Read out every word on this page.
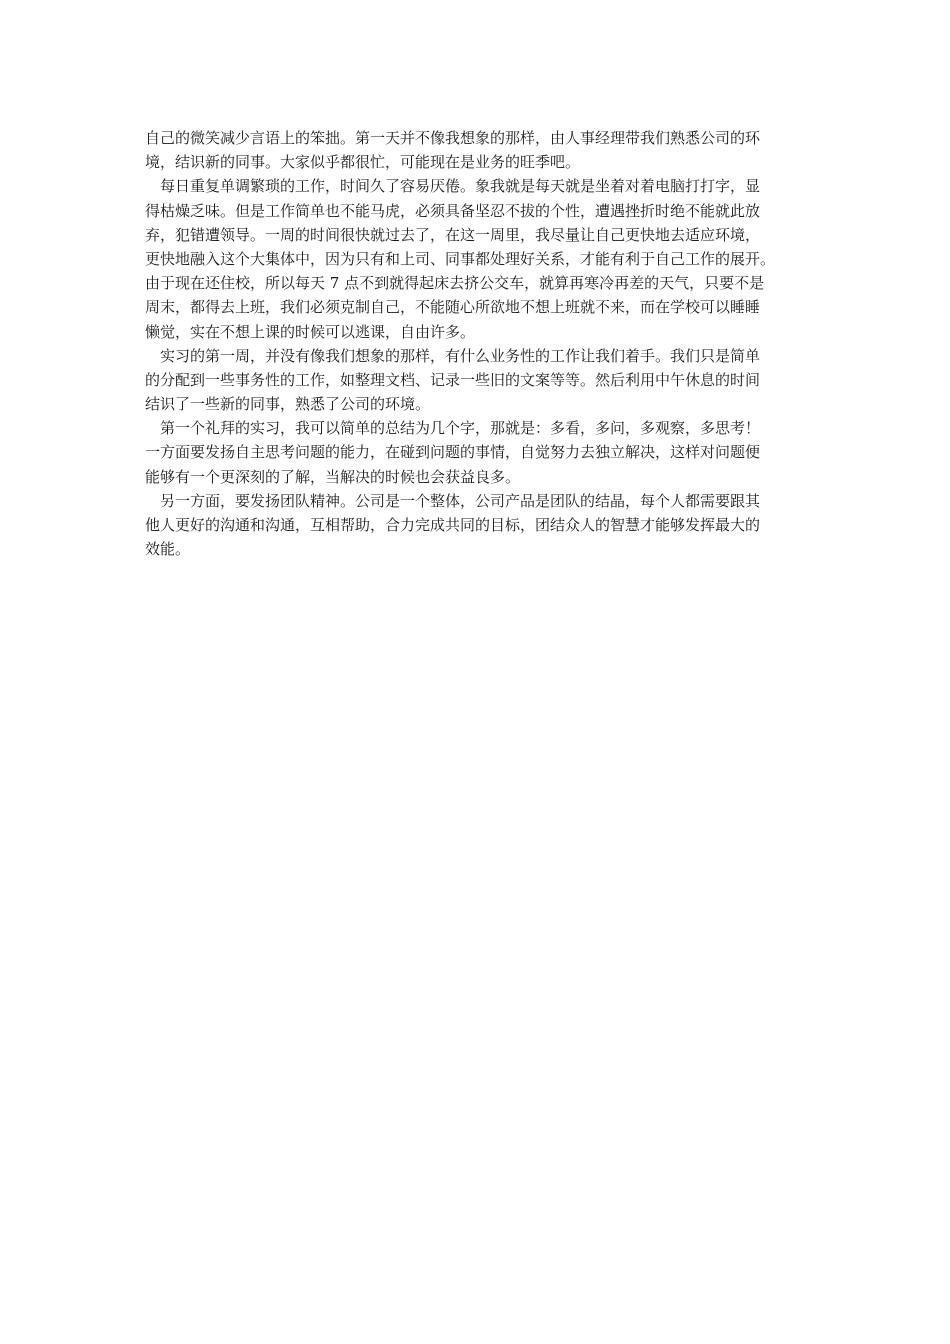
自己的微笑减少言语上的笨拙。第一天并不像我想象的那样，由人事经理带我们熟悉公司的环
境，结识新的同事。大家似乎都很忙，可能现在是业务的旺季吧。
　每日重复单调繁琐的工作，时间久了容易厌倦。象我就是每天就是坐着对着电脑打打字，显
得枯燥乏味。但是工作简单也不能马虎，必须具备坚忍不拔的个性，遭遇挫折时绝不能就此放
弃，犯错遭领导。一周的时间很快就过去了，在这一周里，我尽量让自己更快地去适应环境，
更快地融入这个大集体中，因为只有和上司、同事都处理好关系，才能有利于自己工作的展开。
由于现在还住校，所以每天 7 点不到就得起床去挤公交车，就算再寒冷再差的天气，只要不是
周末，都得去上班，我们必须克制自己，不能随心所欲地不想上班就不来，而在学校可以睡睡
懒觉，实在不想上课的时候可以逃课，自由许多。
　实习的第一周，并没有像我们想象的那样，有什么业务性的工作让我们着手。我们只是简单
的分配到一些事务性的工作，如整理文档、记录一些旧的文案等等。然后利用中午休息的时间
结识了一些新的同事，熟悉了公司的环境。
　第一个礼拜的实习，我可以简单的总结为几个字，那就是：多看，多问，多观察，多思考！
一方面要发扬自主思考问题的能力，在碰到问题的事情，自觉努力去独立解决，这样对问题便
能够有一个更深刻的了解，当解决的时候也会获益良多。
　另一方面，要发扬团队精神。公司是一个整体，公司产品是团队的结晶，每个人都需要跟其
他人更好的沟通和沟通，互相帮助，合力完成共同的目标，团结众人的智慧才能够发挥最大的
效能。
